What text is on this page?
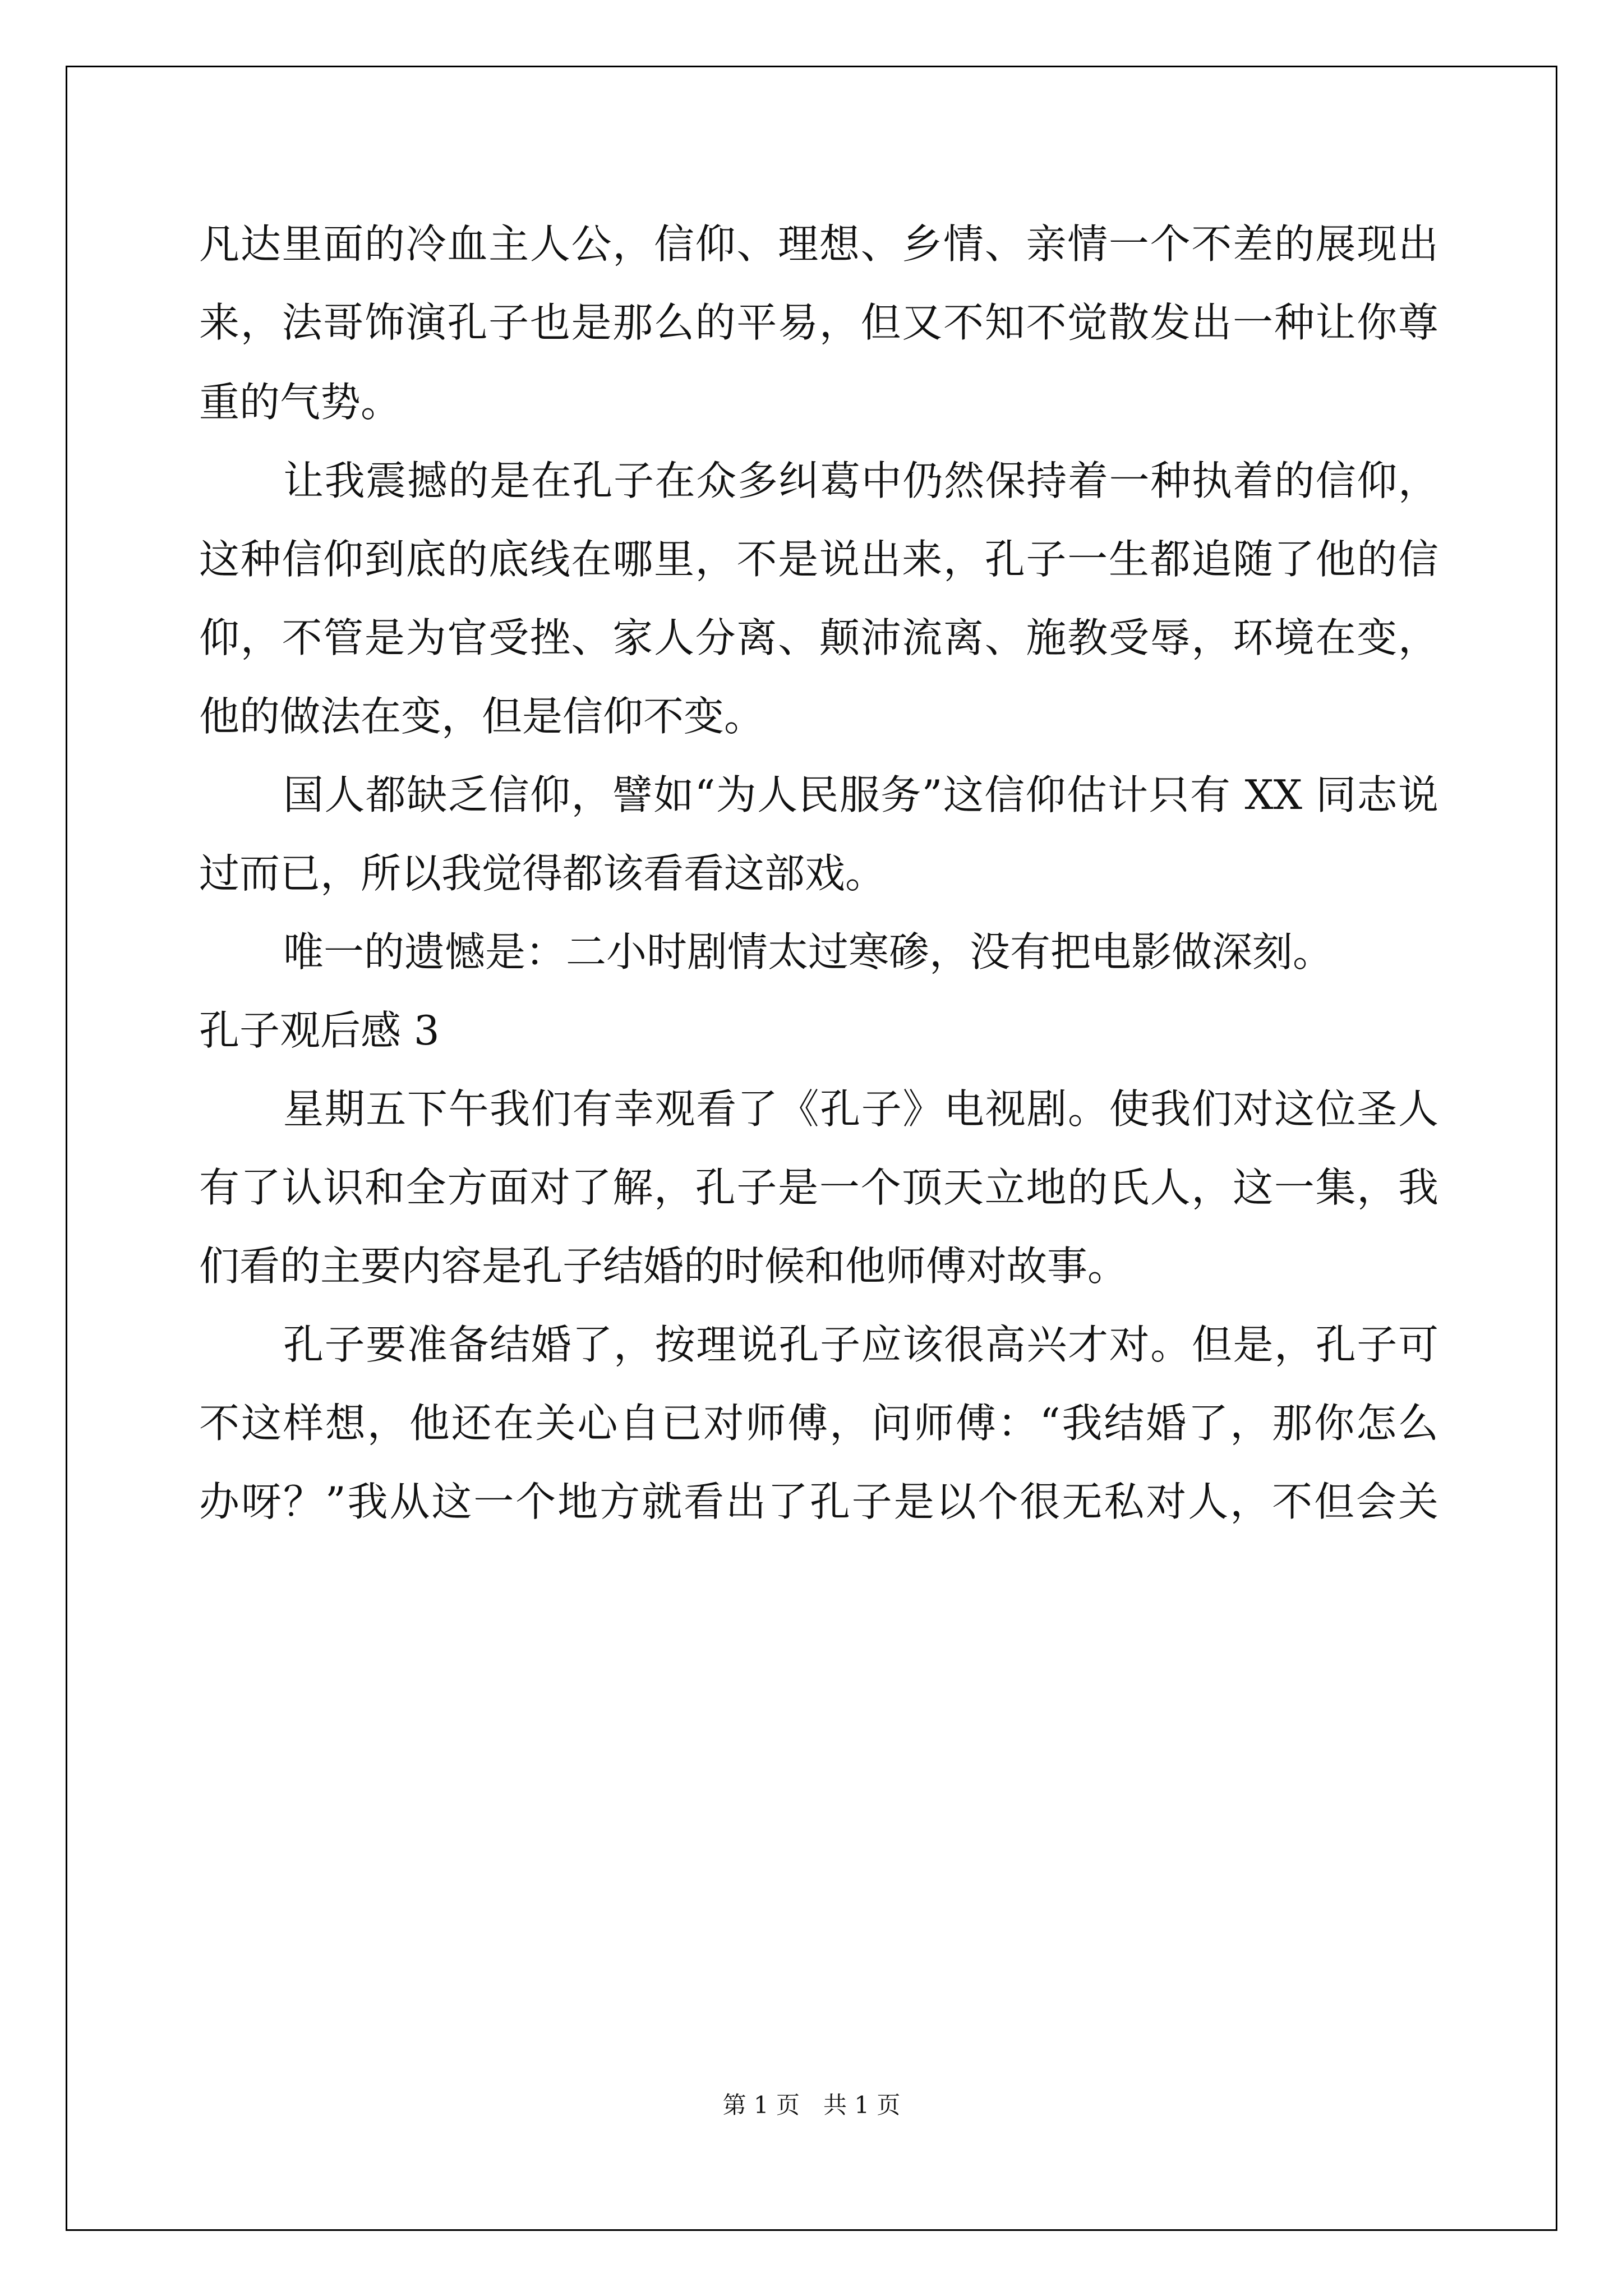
凡达里面的冷血主人公，信仰、理想、乡情、亲情一个不差的展现出
来，法哥饰演孔子也是那么的平易，但又不知不觉散发出一种让你尊
重的气势。
让我震撼的是在孔子在众多纠葛中仍然保持着一种执着的信仰，
这种信仰到底的底线在哪里，不是说出来，孔子一生都追随了他的信
仰，不管是为官受挫、家人分离、颠沛流离、施教受辱，环境在变，
他的做法在变，但是信仰不变。
国人都缺乏信仰，譬如“为人民服务”这信仰估计只有 XX 同志说
过而已，所以我觉得都该看看这部戏。
唯一的遗憾是：二小时剧情太过寒碜，没有把电影做深刻。
孔子观后感 3
星期五下午我们有幸观看了《孔子》电视剧。使我们对这位圣人
有了认识和全方面对了解，孔子是一个顶天立地的氏人，这一集，我
们看的主要内容是孔子结婚的时候和他师傅对故事。
孔子要准备结婚了，按理说孔子应该很高兴才对。但是，孔子可
不这样想，他还在关心自已对师傅，问师傅：“我结婚了，那你怎么
办呀？”我从这一个地方就看出了孔子是以个很无私对人，不但会关
第 1 页　共 1 页
